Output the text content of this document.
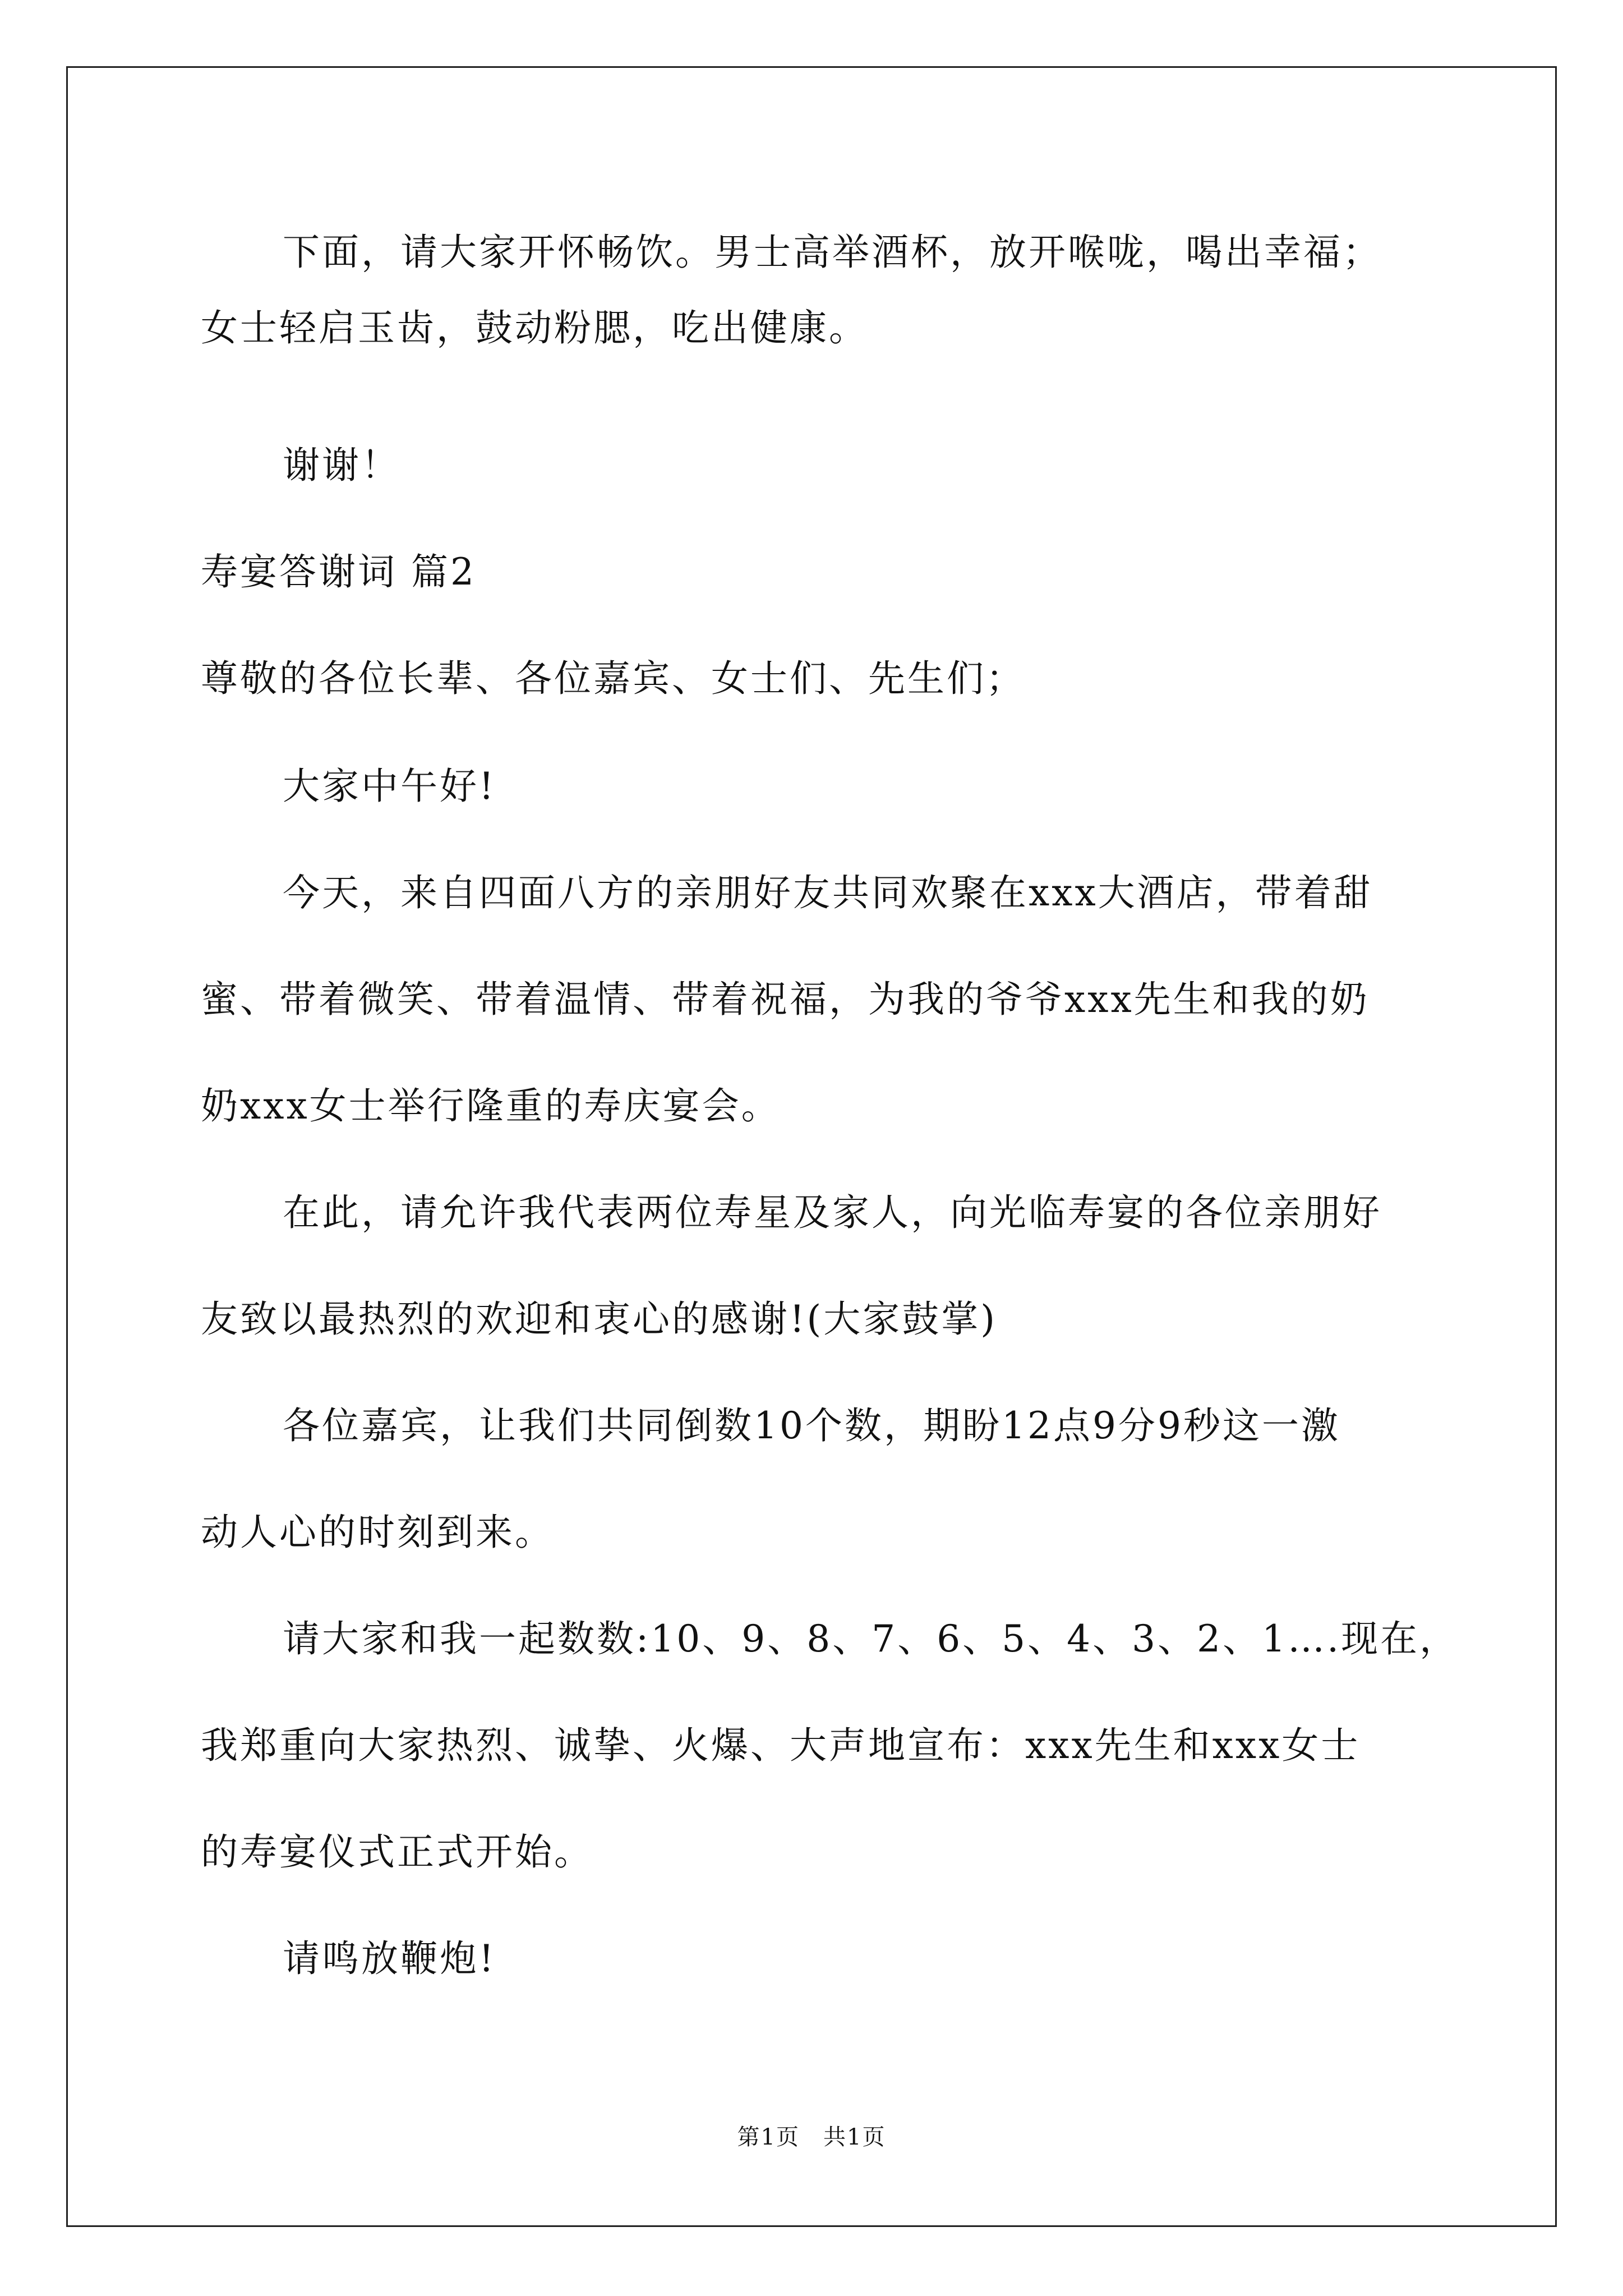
下面，请大家开怀畅饮。男士高举酒杯，放开喉咙，喝出幸福；
女士轻启玉齿，鼓动粉腮，吃出健康。
谢谢！
寿宴答谢词 篇2
尊敬的各位长辈、各位嘉宾、女士们、先生们；
大家中午好!
今天，来自四面八方的亲朋好友共同欢聚在xxx大酒店，带着甜
蜜、带着微笑、带着温情、带着祝福，为我的爷爷xxx先生和我的奶
奶xxx女士举行隆重的寿庆宴会。
在此，请允许我代表两位寿星及家人，向光临寿宴的各位亲朋好
友致以最热烈的欢迎和衷心的感谢!(大家鼓掌)
各位嘉宾，让我们共同倒数10个数，期盼12点9分9秒这一激
动人心的时刻到来。
请大家和我一起数数:10、9、8、7、6、5、4、3、2、1….现在，
我郑重向大家热烈、诚挚、火爆、大声地宣布：xxx先生和xxx女士
的寿宴仪式正式开始。
请鸣放鞭炮!
第1页　共1页
